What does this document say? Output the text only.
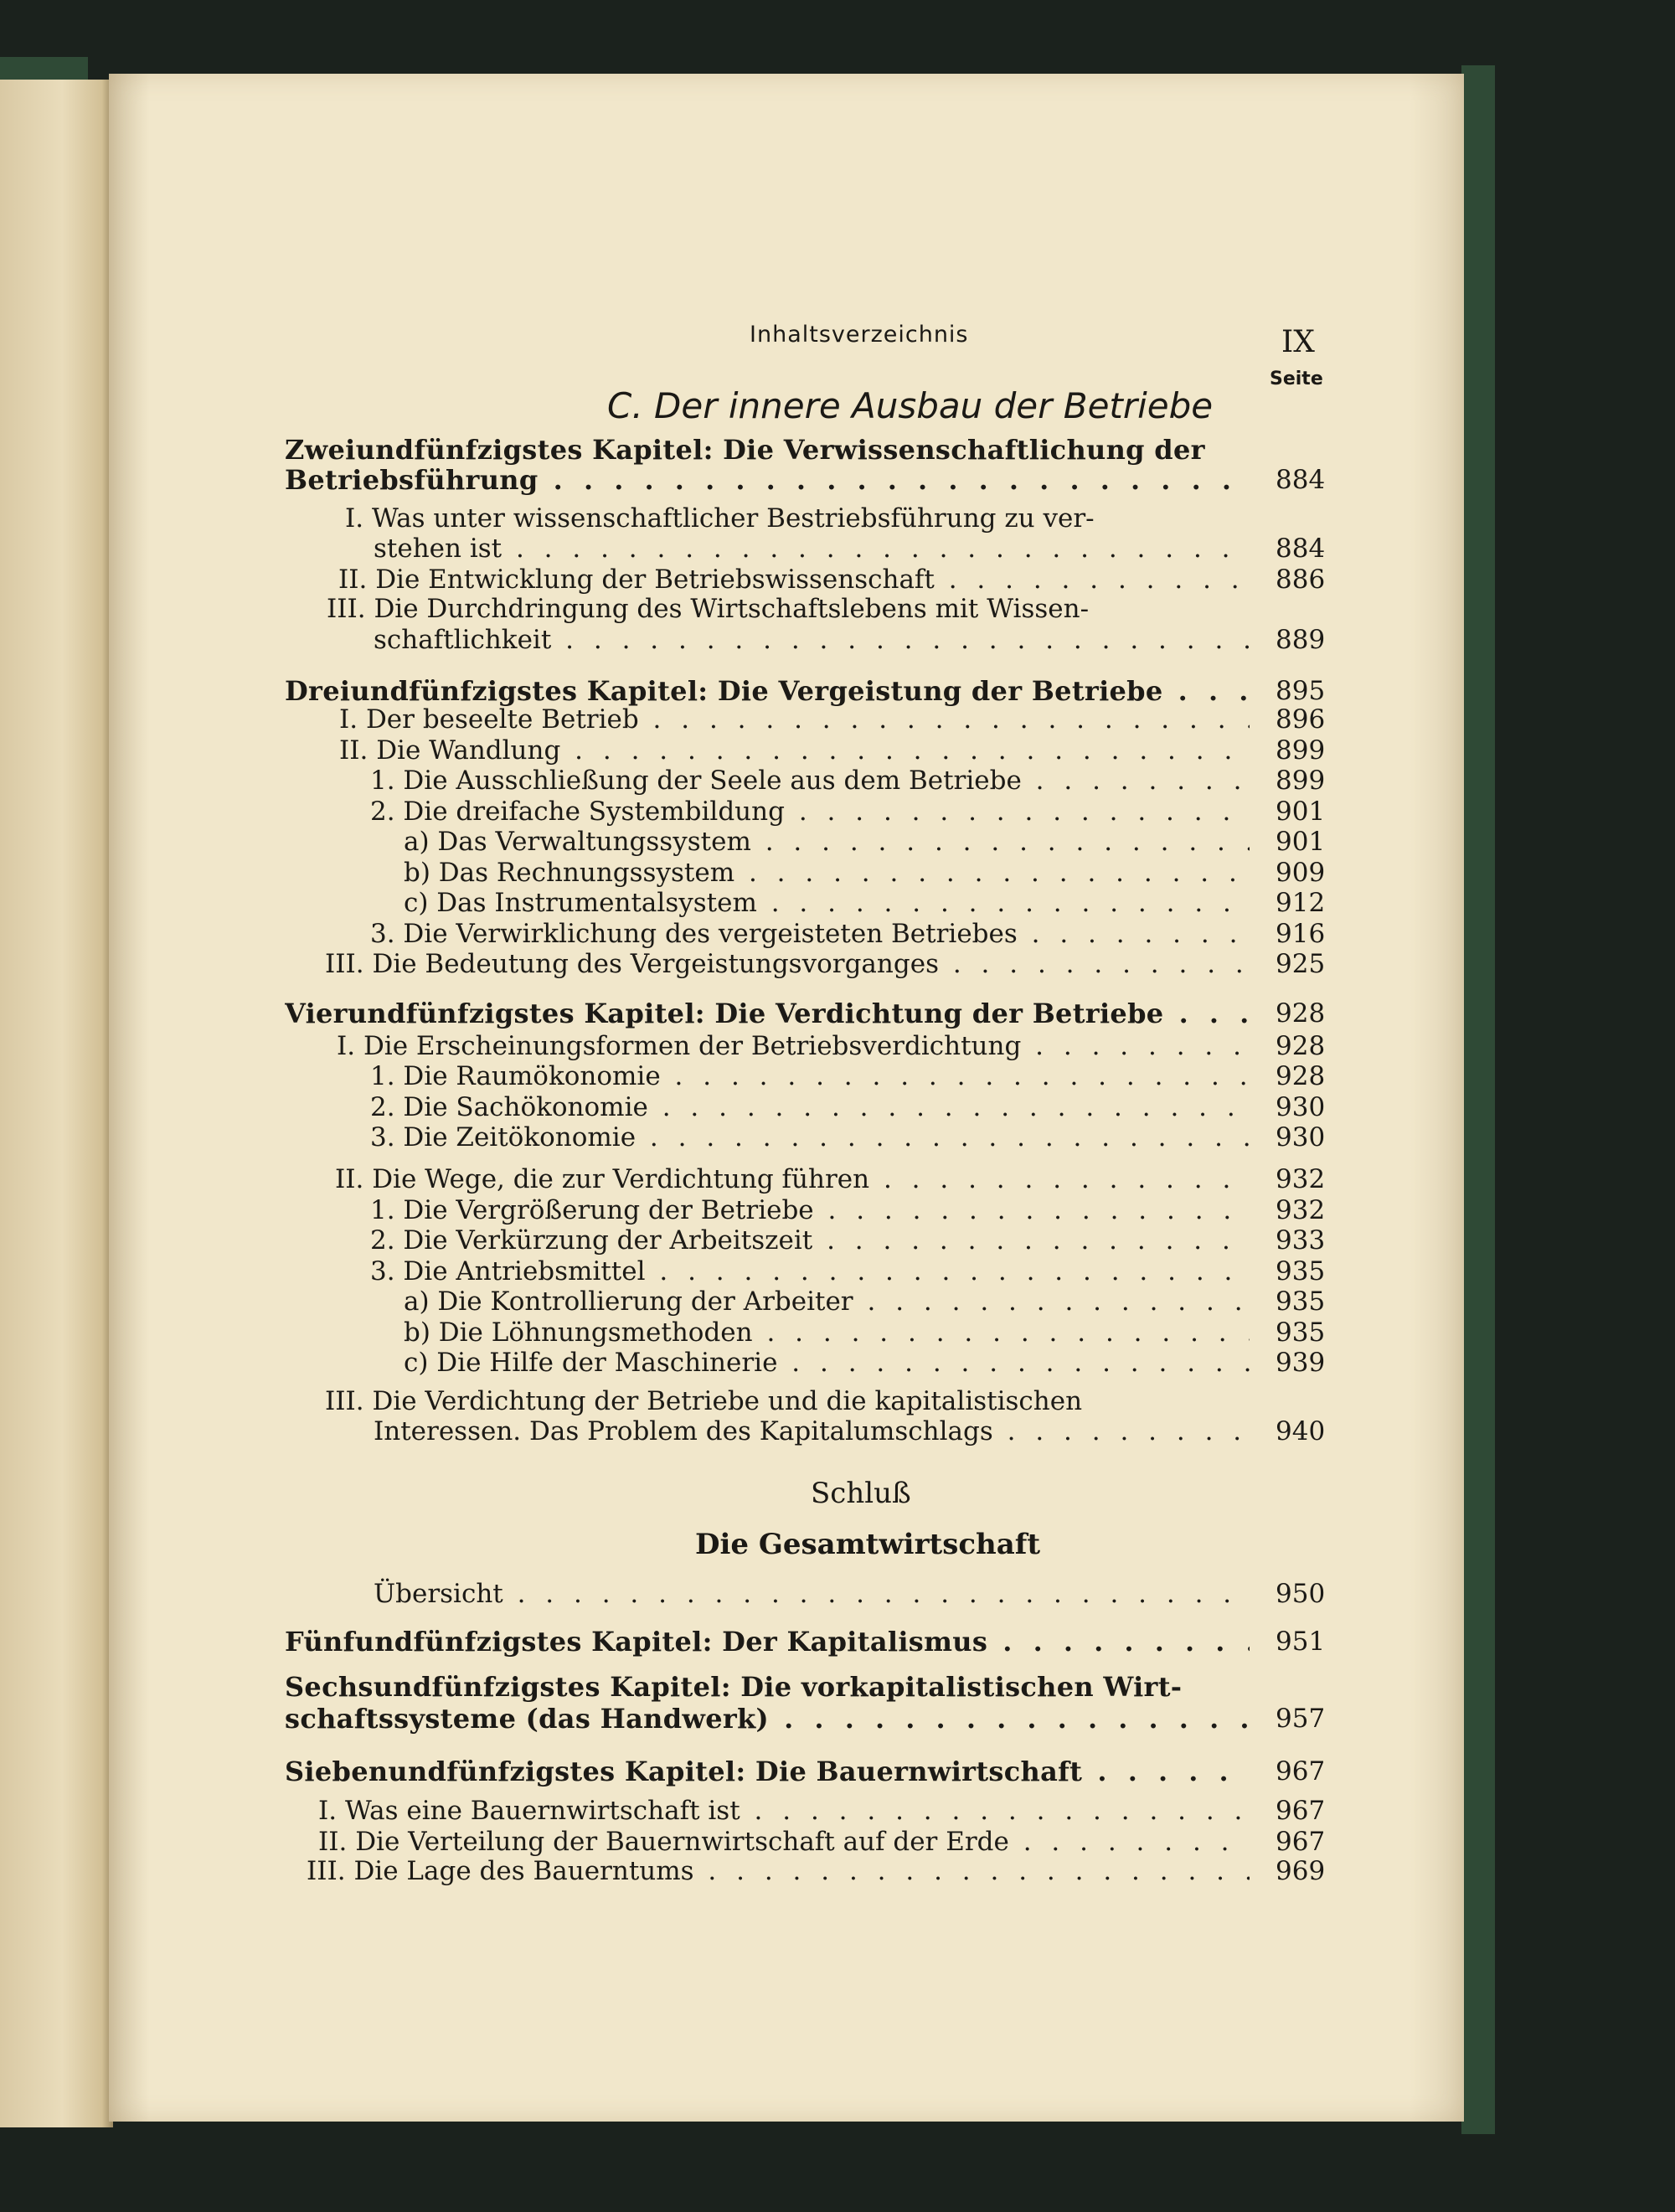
Inhaltsverzeichnis	IX
Seite
C. Der innere Ausbau der Betriebe
Zweiundfünfzigstes Kapitel: Die Verwissenschaftlichung der
Betriebsführung . . .	884
I. Was unter wissenschaftlicher Bestriebsführung zu ver-
stehen ist . . .	884
II. Die Entwicklung der Betriebswissenschaft . . .	886
III. Die Durchdringung des Wirtschaftslebens mit Wissen-
schaftlichkeit . . .	889
Dreiundfünfzigstes Kapitel: Die Vergeistung der Betriebe . . .	895
I. Der beseelte Betrieb . . .	896
II. Die Wandlung . . .	899
1. Die Ausschließung der Seele aus dem Betriebe . . .	899
2. Die dreifache Systembildung . . .	901
a) Das Verwaltungssystem . . .	901
b) Das Rechnungssystem . . .	909
c) Das Instrumentalsystem . . .	912
3. Die Verwirklichung des vergeisteten Betriebes . . .	916
III. Die Bedeutung des Vergeistungsvorganges . . .	925
Vierundfünfzigstes Kapitel: Die Verdichtung der Betriebe . . .	928
I. Die Erscheinungsformen der Betriebsverdichtung . . .	928
1. Die Raumökonomie . . .	928
2. Die Sachökonomie . . .	930
3. Die Zeitökonomie . . .	930
II. Die Wege, die zur Verdichtung führen . . .	932
1. Die Vergrößerung der Betriebe . . .	932
2. Die Verkürzung der Arbeitszeit . . .	933
3. Die Antriebsmittel . . .	935
a) Die Kontrollierung der Arbeiter . . .	935
b) Die Löhnungsmethoden . . .	935
c) Die Hilfe der Maschinerie . . .	939
III. Die Verdichtung der Betriebe und die kapitalistischen
Interessen. Das Problem des Kapitalumschlags . . .	940
Schluß
Die Gesamtwirtschaft
Übersicht . . .	950
Fünfundfünfzigstes Kapitel: Der Kapitalismus . . .	951
Sechsundfünfzigstes Kapitel: Die vorkapitalistischen Wirt-
schaftssysteme (das Handwerk) . . .	957
Siebenundfünfzigstes Kapitel: Die Bauernwirtschaft . . .	967
I. Was eine Bauernwirtschaft ist . . .	967
II. Die Verteilung der Bauernwirtschaft auf der Erde . . .	967
III. Die Lage des Bauerntums . . .	969
